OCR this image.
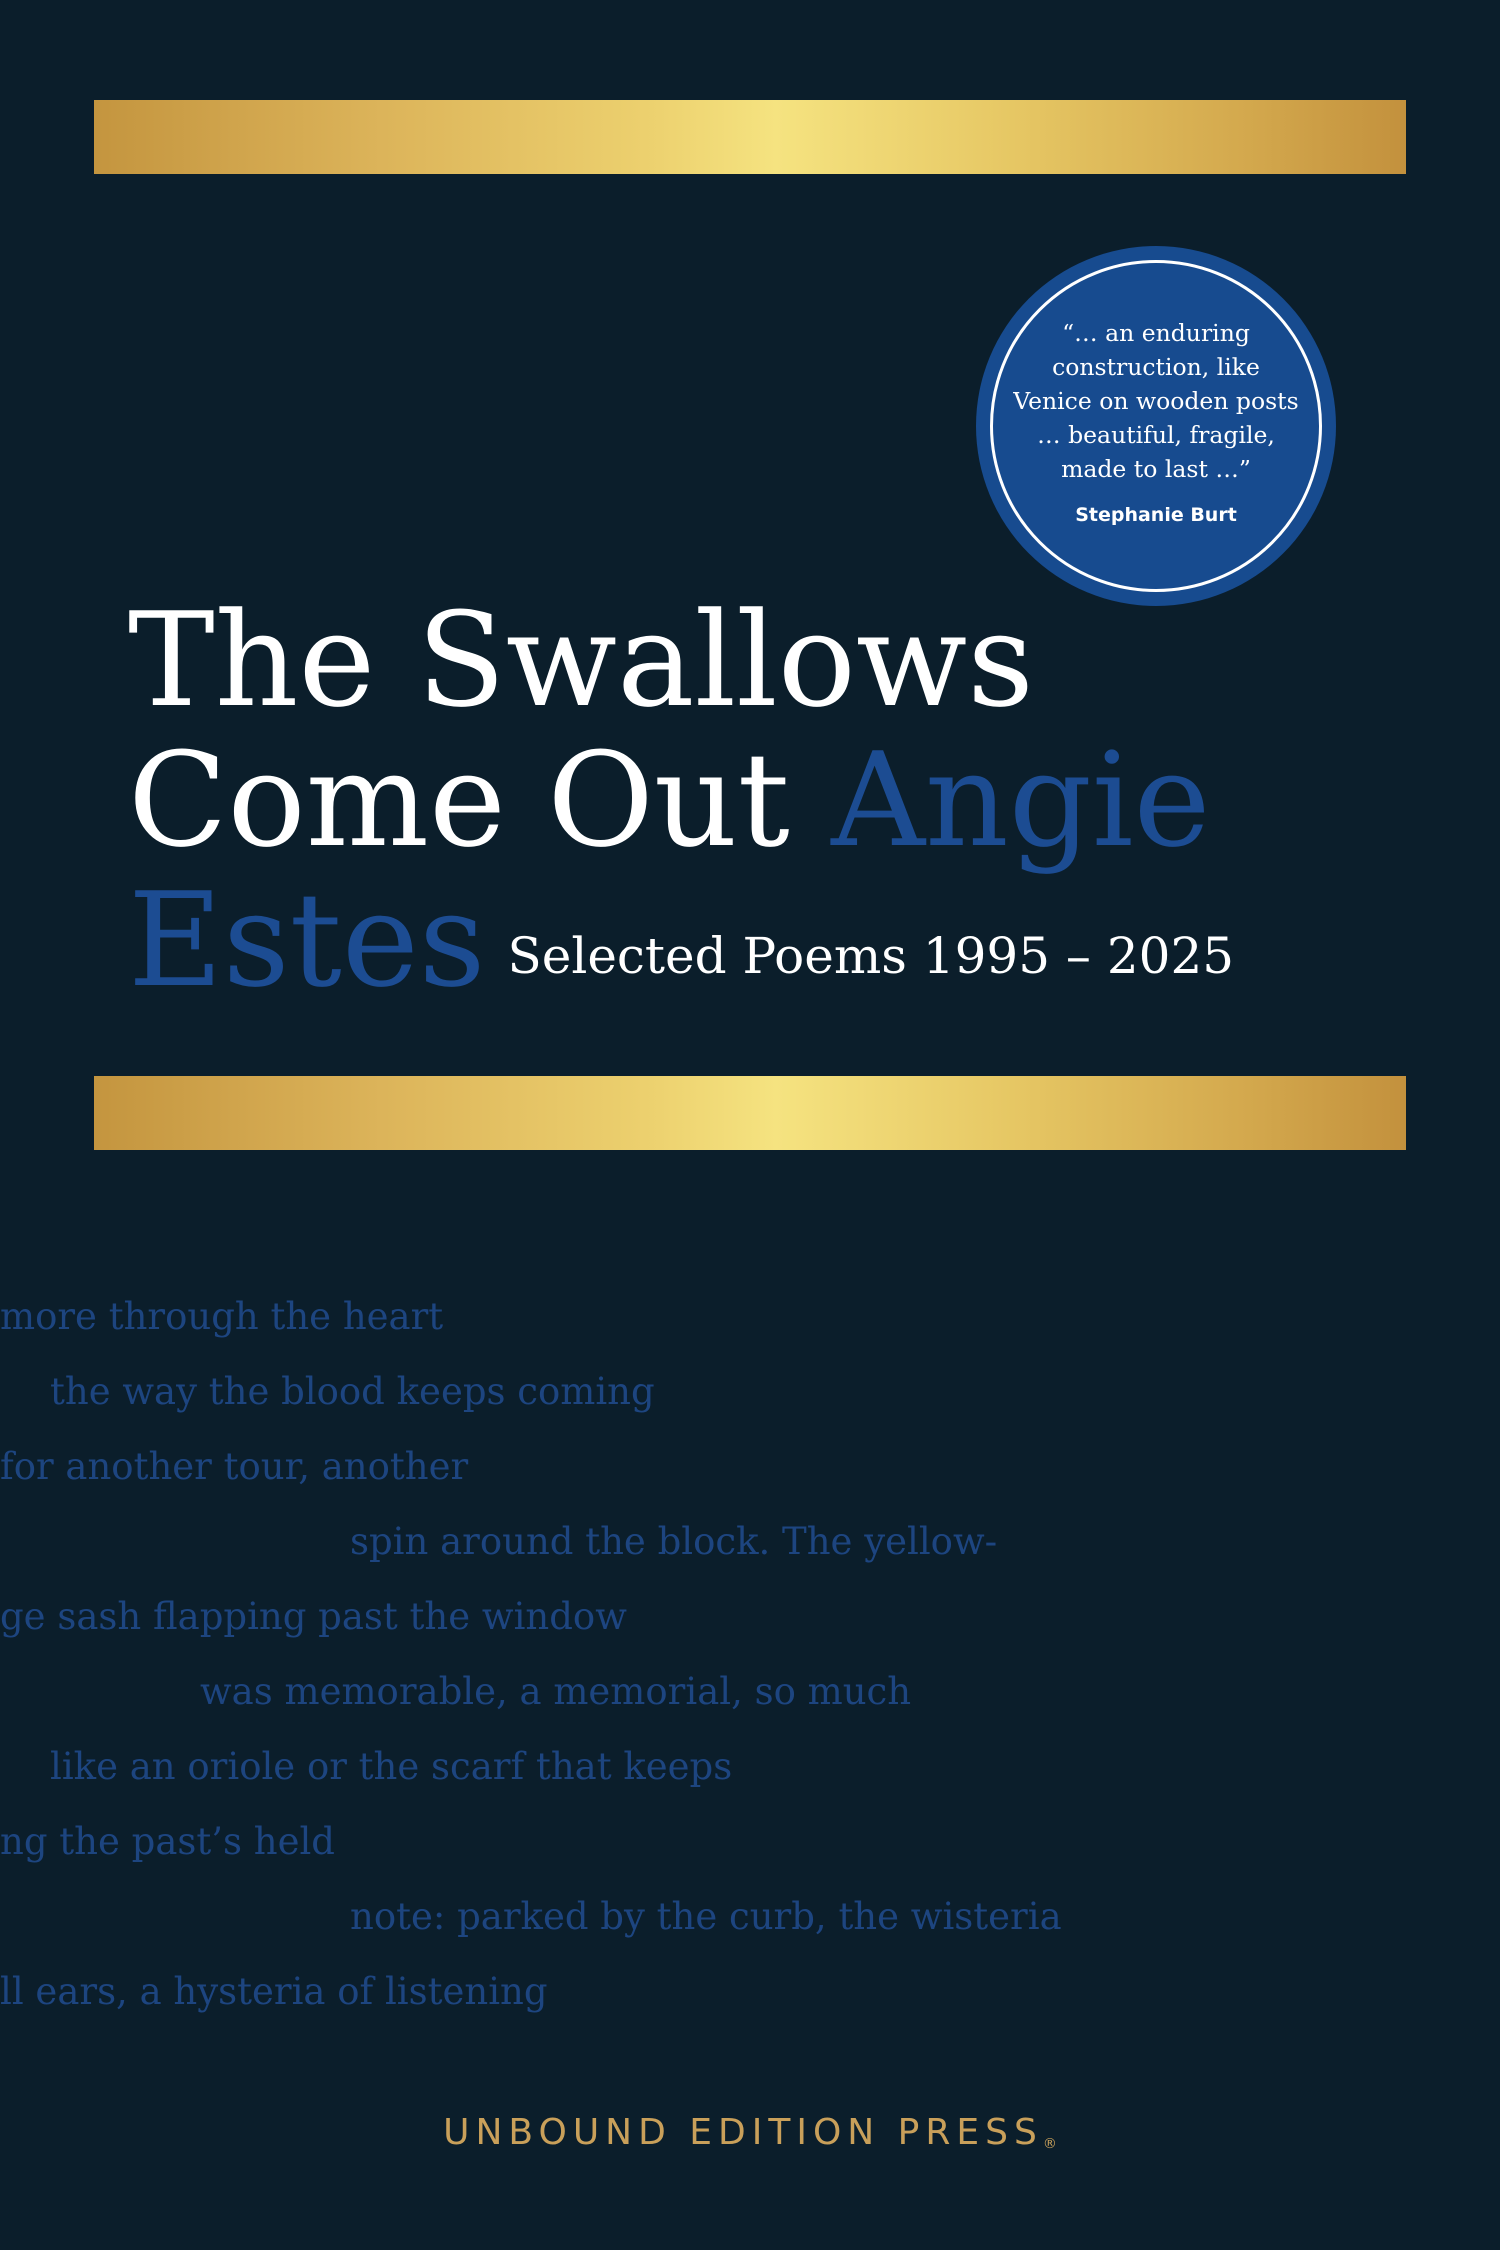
“… an enduring
construction, like
Venice on wooden posts
… beautiful, fragile,
made to last …”
Stephanie Burt
The Swallows
Come Out Angie
Estes Selected Poems 1995 – 2025
more through the heart
the way the blood keeps coming
for another tour, another
spin around the block. The yellow-
ge sash flapping past the window
was memorable, a memorial, so much
like an oriole or the scarf that keeps
ng the past’s held
note: parked by the curb, the wisteria
ll ears, a hysteria of listening
UNBOUND EDITION PRESS®
